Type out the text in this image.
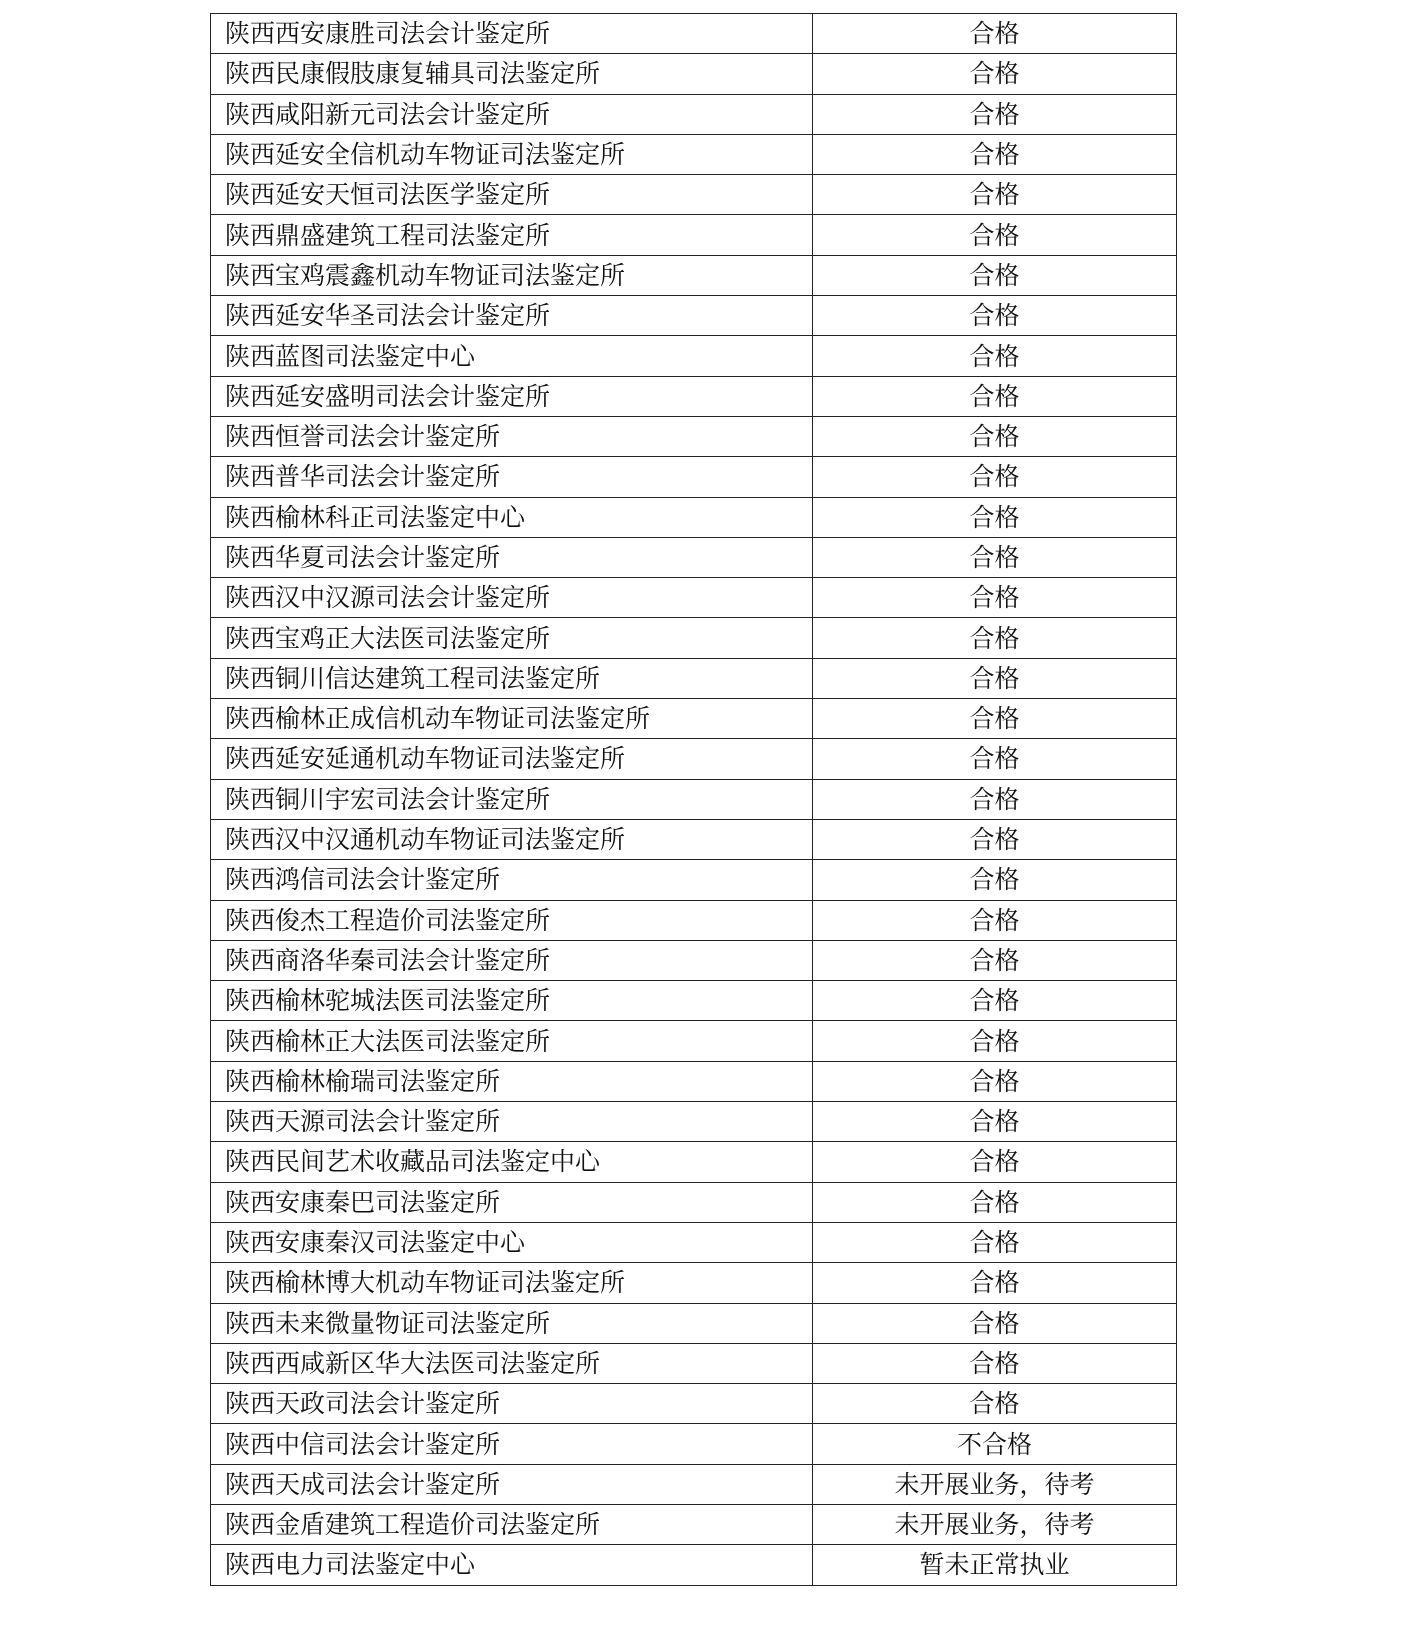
陕西西安康胜司法会计鉴定所	合格
陕西民康假肢康复辅具司法鉴定所	合格
陕西咸阳新元司法会计鉴定所	合格
陕西延安全信机动车物证司法鉴定所	合格
陕西延安天恒司法医学鉴定所	合格
陕西鼎盛建筑工程司法鉴定所	合格
陕西宝鸡震鑫机动车物证司法鉴定所	合格
陕西延安华圣司法会计鉴定所	合格
陕西蓝图司法鉴定中心	合格
陕西延安盛明司法会计鉴定所	合格
陕西恒誉司法会计鉴定所	合格
陕西普华司法会计鉴定所	合格
陕西榆林科正司法鉴定中心	合格
陕西华夏司法会计鉴定所	合格
陕西汉中汉源司法会计鉴定所	合格
陕西宝鸡正大法医司法鉴定所	合格
陕西铜川信达建筑工程司法鉴定所	合格
陕西榆林正成信机动车物证司法鉴定所	合格
陕西延安延通机动车物证司法鉴定所	合格
陕西铜川宇宏司法会计鉴定所	合格
陕西汉中汉通机动车物证司法鉴定所	合格
陕西鸿信司法会计鉴定所	合格
陕西俊杰工程造价司法鉴定所	合格
陕西商洛华秦司法会计鉴定所	合格
陕西榆林驼城法医司法鉴定所	合格
陕西榆林正大法医司法鉴定所	合格
陕西榆林榆瑞司法鉴定所	合格
陕西天源司法会计鉴定所	合格
陕西民间艺术收藏品司法鉴定中心	合格
陕西安康秦巴司法鉴定所	合格
陕西安康秦汉司法鉴定中心	合格
陕西榆林博大机动车物证司法鉴定所	合格
陕西未来微量物证司法鉴定所	合格
陕西西咸新区华大法医司法鉴定所	合格
陕西天政司法会计鉴定所	合格
陕西中信司法会计鉴定所	不合格
陕西天成司法会计鉴定所	未开展业务，待考
陕西金盾建筑工程造价司法鉴定所	未开展业务，待考
陕西电力司法鉴定中心	暂未正常执业
